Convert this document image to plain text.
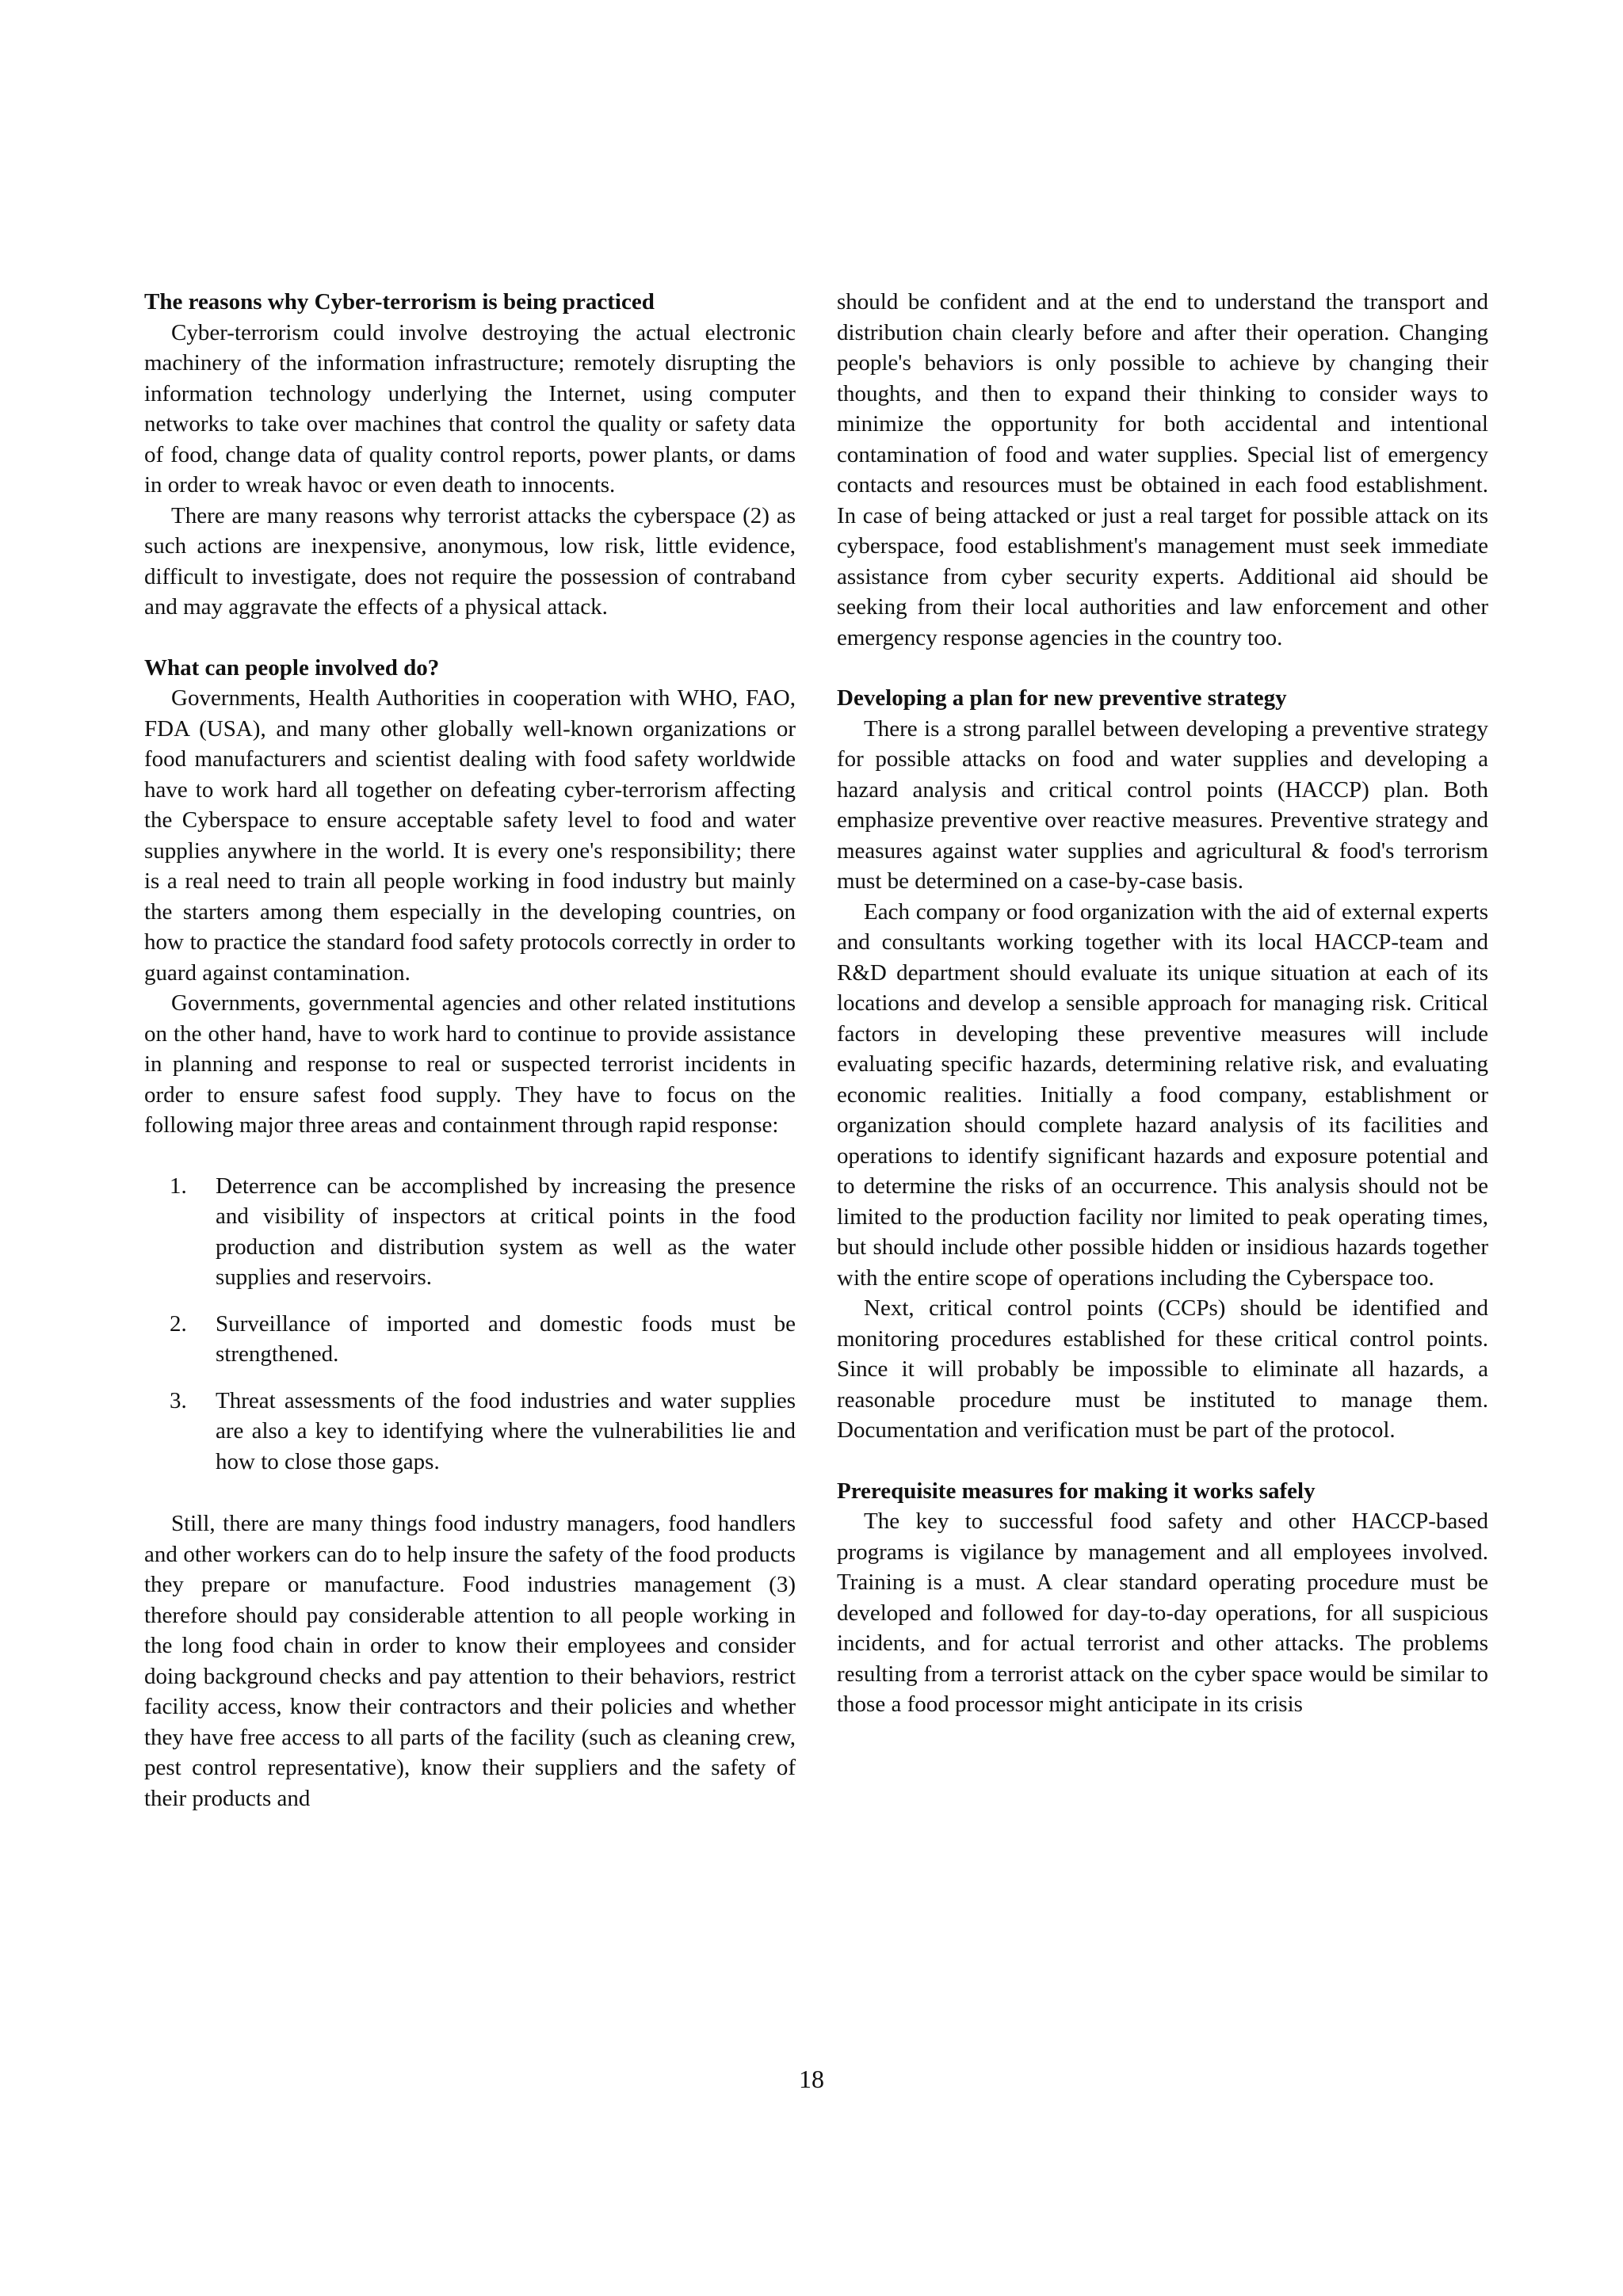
The reasons why Cyber-terrorism is being practiced

Cyber-terrorism could involve destroying the actual electronic machinery of the information infrastructure; remotely disrupting the information technology underlying the Internet, using computer networks to take over machines that control the quality or safety data of food, change data of quality control reports, power plants, or dams in order to wreak havoc or even death to innocents.

There are many reasons why terrorist attacks the cyberspace (2) as such actions are inexpensive, anonymous, low risk, little evidence, difficult to investigate, does not require the possession of contraband and may aggravate the effects of a physical attack.

What can people involved do?

Governments, Health Authorities in cooperation with WHO, FAO, FDA (USA), and many other globally well-known organizations or food manufacturers and scientist dealing with food safety worldwide have to work hard all together on defeating cyber-terrorism affecting the Cyberspace to ensure acceptable safety level to food and water supplies anywhere in the world. It is every one's responsibility; there is a real need to train all people working in food industry but mainly the starters among them especially in the developing countries, on how to practice the standard food safety protocols correctly in order to guard against contamination.

Governments, governmental agencies and other related institutions on the other hand, have to work hard to continue to provide assistance in planning and response to real or suspected terrorist incidents in order to ensure safest food supply. They have to focus on the following major three areas and containment through rapid response:

1.	Deterrence can be accomplished by increasing the presence and visibility of inspectors at critical points in the food production and distribution system as well as the water supplies and reservoirs.
2.	Surveillance of imported and domestic foods must be strengthened.
3.	Threat assessments of the food industries and water supplies are also a key to identifying where the vulnerabilities lie and how to close those gaps.

Still, there are many things food industry managers, food handlers and other workers can do to help insure the safety of the food products they prepare or manufacture. Food industries management (3) therefore should pay considerable attention to all people working in the long food chain in order to know their employees and consider doing background checks and pay attention to their behaviors, restrict facility access, know their contractors and their policies and whether they have free access to all parts of the facility (such as cleaning crew, pest control representative), know their suppliers and the safety of their products and

should be confident and at the end to understand the transport and distribution chain clearly before and after their operation. Changing people's behaviors is only possible to achieve by changing their thoughts, and then to expand their thinking to consider ways to minimize the opportunity for both accidental and intentional contamination of food and water supplies. Special list of emergency contacts and resources must be obtained in each food establishment. In case of being attacked or just a real target for possible attack on its cyberspace, food establishment's management must seek immediate assistance from cyber security experts. Additional aid should be seeking from their local authorities and law enforcement and other emergency response agencies in the country too.

Developing a plan for new preventive strategy

There is a strong parallel between developing a preventive strategy for possible attacks on food and water supplies and developing a hazard analysis and critical control points (HACCP) plan. Both emphasize preventive over reactive measures. Preventive strategy and measures against water supplies and agricultural & food's terrorism must be determined on a case-by-case basis.

Each company or food organization with the aid of external experts and consultants working together with its local HACCP-team and R&D department should evaluate its unique situation at each of its locations and develop a sensible approach for managing risk. Critical factors in developing these preventive measures will include evaluating specific hazards, determining relative risk, and evaluating economic realities. Initially a food company, establishment or organization should complete hazard analysis of its facilities and operations to identify significant hazards and exposure potential and to determine the risks of an occurrence. This analysis should not be limited to the production facility nor limited to peak operating times, but should include other possible hidden or insidious hazards together with the entire scope of operations including the Cyberspace too.

Next, critical control points (CCPs) should be identified and monitoring procedures established for these critical control points. Since it will probably be impossible to eliminate all hazards, a reasonable procedure must be instituted to manage them. Documentation and verification must be part of the protocol.

Prerequisite measures for making it works safely

The key to successful food safety and other HACCP-based programs is vigilance by management and all employees involved. Training is a must. A clear standard operating procedure must be developed and followed for day-to-day operations, for all suspicious incidents, and for actual terrorist and other attacks. The problems resulting from a terrorist attack on the cyber space would be similar to those a food processor might anticipate in its crisis

18
